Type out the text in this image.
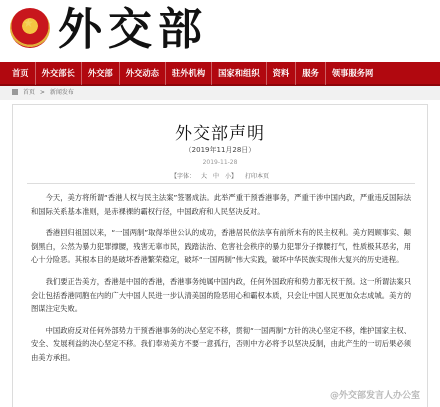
★
外交部
首页	外交部长	外交部	外交动态	驻外机构	国家和组织	资料	服务	领事服务网
首页 > 新闻发布
外交部声明
（2019年11月28日）
2019-11-28
【字体： 大 中 小】 打印本页

今天，美方将所谓“香港人权与民主法案”签署成法。此举严重干预香港事务，严重干涉中国内政，严重违反国际法和国际关系基本准则，是赤裸裸的霸权行径，中国政府和人民坚决反对。

香港回归祖国以来，“一国两制”取得举世公认的成功，香港居民依法享有前所未有的民主权利。美方罔顾事实、颠倒黑白，公然为暴力犯罪撑腰，残害无辜市民，践踏法治、危害社会秩序的暴力犯罪分子撑腰打气，性质极其恶劣，用心十分险恶。其根本目的是破坏香港繁荣稳定，破坏“一国两制”伟大实践，破坏中华民族实现伟大复兴的历史进程。

我们要正告美方，香港是中国的香港，香港事务纯属中国内政，任何外国政府和势力都无权干预。这一所谓法案只会让包括香港同胞在内的广大中国人民进一步认清美国的险恶用心和霸权本质，只会让中国人民更加众志成城。美方的图谋注定失败。

中国政府反对任何外部势力干预香港事务的决心坚定不移，贯彻“一国两制”方针的决心坚定不移，维护国家主权、安全、发展利益的决心坚定不移。我们奉劝美方不要一意孤行，否则中方必将予以坚决反制，由此产生的一切后果必须由美方承担。

@外交部发言人办公室
